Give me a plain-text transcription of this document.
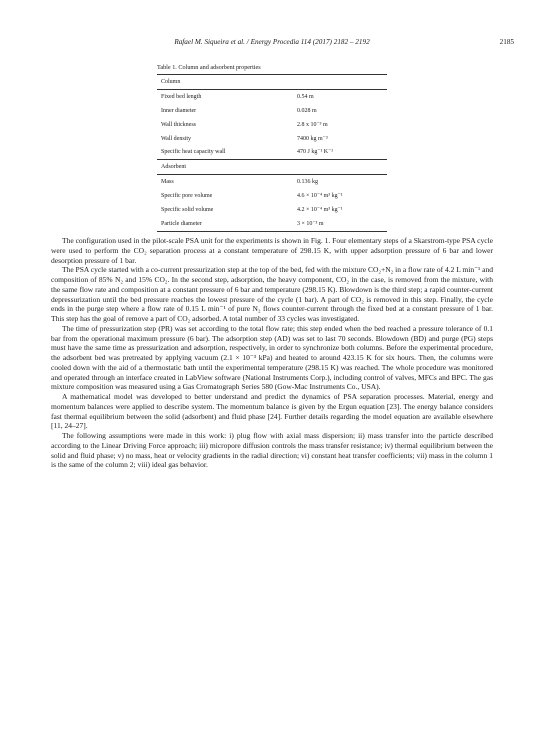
Rafael M. Siqueira et al. / Energy Procedia 114 (2017) 2182 – 2192	2185
Table 1. Column and adsorbent properties
Column	
Fixed bed length	0.54 m
Inner diameter	0.028 m
Wall thickness	2.8 x 10⁻³ m
Wall density	7400 kg m⁻³
Specific heat capacity wall	470 J kg⁻¹ K⁻¹
Adsorbent	
Mass	0.136 kg
Specific pore volume	4.6 × 10⁻⁴ m³ kg⁻¹
Specific solid volume	4.2 × 10⁻⁴ m³ kg⁻¹
Particle diameter	3 × 10⁻³ m

The configuration used in the pilot-scale PSA unit for the experiments is shown in Fig. 1. Four elementary steps of a Skarstrom-type PSA cycle were used to perform the CO₂ separation process at a constant temperature of 298.15 K, with upper adsorption pressure of 6 bar and lower desorption pressure of 1 bar.

The PSA cycle started with a co-current pressurization step at the top of the bed, fed with the mixture CO₂+N₂ in a flow rate of 4.2 L min⁻¹ and composition of 85% N₂ and 15% CO₂. In the second step, adsorption, the heavy component, CO₂ in the case, is removed from the mixture, with the same flow rate and composition at a constant pressure of 6 bar and temperature (298.15 K). Blowdown is the third step; a rapid counter-current depressurization until the bed pressure reaches the lowest pressure of the cycle (1 bar). A part of CO₂ is removed in this step. Finally, the cycle ends in the purge step where a flow rate of 0.15 L min⁻¹ of pure N₂ flows counter-current through the fixed bed at a constant pressure of 1 bar. This step has the goal of remove a part of CO₂ adsorbed. A total number of 33 cycles was investigated.

The time of pressurization step (PR) was set according to the total flow rate; this step ended when the bed reached a pressure tolerance of 0.1 bar from the operational maximum pressure (6 bar). The adsorption step (AD) was set to last 70 seconds. Blowdown (BD) and purge (PG) steps must have the same time as pressurization and adsorption, respectively, in order to synchronize both columns. Before the experimental procedure, the adsorbent bed was pretreated by applying vacuum (2.1 × 10⁻³ kPa) and heated to around 423.15 K for six hours. Then, the columns were cooled down with the aid of a thermostatic bath until the experimental temperature (298.15 K) was reached. The whole procedure was monitored and operated through an interface created in LabView software (National Instruments Corp.), including control of valves, MFCs and BPC. The gas mixture composition was measured using a Gas Cromatograph Series 580 (Gow-Mac Instruments Co., USA).

A mathematical model was developed to better understand and predict the dynamics of PSA separation processes. Material, energy and momentum balances were applied to describe system. The momentum balance is given by the Ergun equation [23]. The energy balance considers fast thermal equilibrium between the solid (adsorbent) and fluid phase [24]. Further details regarding the model equation are available elsewhere [11, 24–27].

The following assumptions were made in this work: i) plug flow with axial mass dispersion; ii) mass transfer into the particle described according to the Linear Driving Force approach; iii) micropore diffusion controls the mass transfer resistance; iv) thermal equilibrium between the solid and fluid phase; v) no mass, heat or velocity gradients in the radial direction; vi) constant heat transfer coefficients; vii) mass in the column 1 is the same of the column 2; viii) ideal gas behavior.
